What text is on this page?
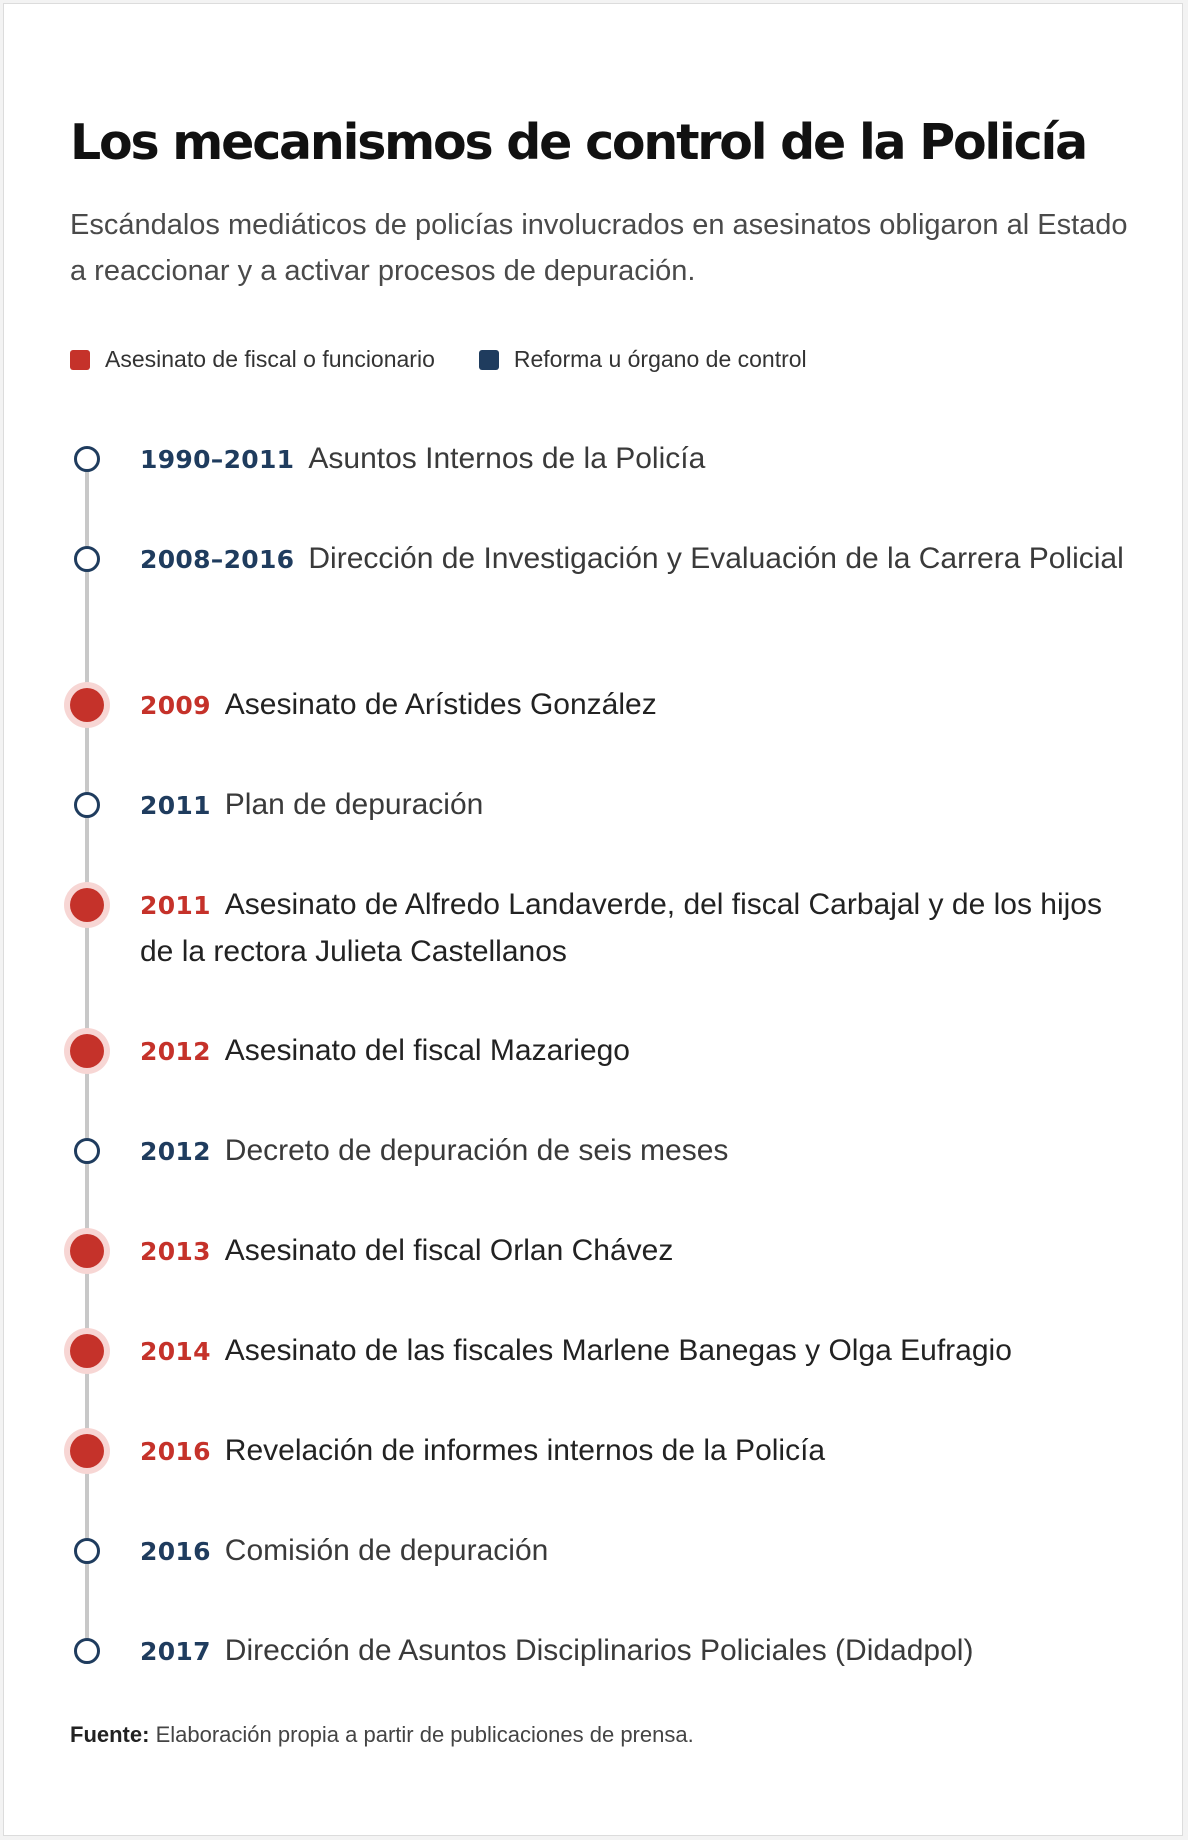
Los mecanismos de control de la Policía

Escándalos mediáticos de policías involucrados en asesinatos obligaron al Estado a reaccionar y a activar procesos de depuración.

Asesinato de fiscal o funcionario	Reforma u órgano de control
1990–2011 Asuntos Internos de la Policía
2008–2016 Dirección de Investigación y Evaluación de la Carrera Policial
2009 Asesinato de Arístides González
2011 Plan de depuración
2011 Asesinato de Alfredo Landaverde, del fiscal Carbajal y de los hijos de la rectora Julieta Castellanos
2012 Asesinato del fiscal Mazariego
2012 Decreto de depuración de seis meses
2013 Asesinato del fiscal Orlan Chávez
2014 Asesinato de las fiscales Marlene Banegas y Olga Eufragio
2016 Revelación de informes internos de la Policía
2016 Comisión de depuración
2017 Dirección de Asuntos Disciplinarios Policiales (Didadpol)
Fuente: Elaboración propia a partir de publicaciones de prensa.
